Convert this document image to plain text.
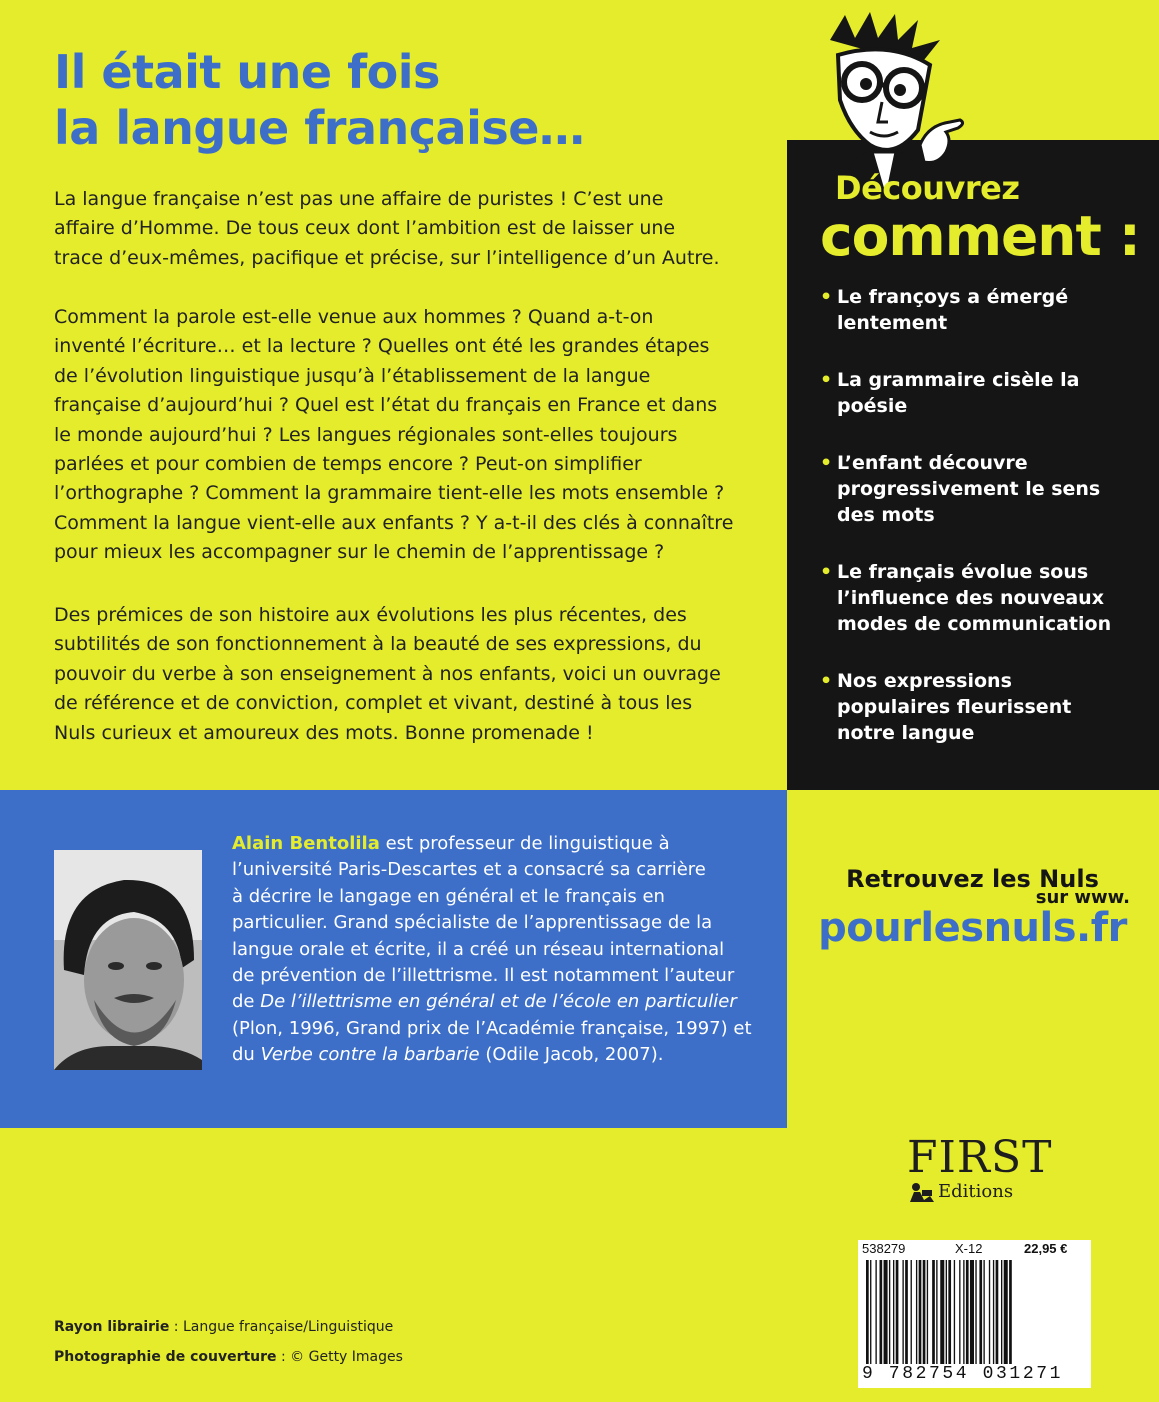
Il était une fois
la langue française…
La langue française n’est pas une affaire de puristes ! C’est une
affaire d’Homme. De tous ceux dont l’ambition est de laisser une
trace d’eux-mêmes, pacifique et précise, sur l’intelligence d’un Autre.
Comment la parole est-elle venue aux hommes ? Quand a-t-on
inventé l’écriture… et la lecture ? Quelles ont été les grandes étapes
de l’évolution linguistique jusqu’à l’établissement de la langue
française d’aujourd’hui ? Quel est l’état du français en France et dans
le monde aujourd’hui ? Les langues régionales sont-elles toujours
parlées et pour combien de temps encore ? Peut-on simplifier
l’orthographe ? Comment la grammaire tient-elle les mots ensemble ?
Comment la langue vient-elle aux enfants ? Y a-t-il des clés à connaître
pour mieux les accompagner sur le chemin de l’apprentissage ?
Des prémices de son histoire aux évolutions les plus récentes, des
subtilités de son fonctionnement à la beauté de ses expressions, du
pouvoir du verbe à son enseignement à nos enfants, voici un ouvrage
de référence et de conviction, complet et vivant, destiné à tous les
Nuls curieux et amoureux des mots. Bonne promenade !
Découvrez
comment :
• Le françoys a émergé
lentement
• La grammaire cisèle la
poésie
• L’enfant découvre
progressivement le sens
des mots
• Le français évolue sous
l’influence des nouveaux
modes de communication
• Nos expressions
populaires fleurissent
notre langue
Alain Bentolila est professeur de linguistique à
l’université Paris-Descartes et a consacré sa carrière
à décrire le langage en général et le français en
particulier. Grand spécialiste de l’apprentissage de la
langue orale et écrite, il a créé un réseau international
de prévention de l’illettrisme. Il est notamment l’auteur
de De l’illettrisme en général et de l’école en particulier
(Plon, 1996, Grand prix de l’Académie française, 1997) et
du Verbe contre la barbarie (Odile Jacob, 2007).
Retrouvez les Nuls
sur www.
pourlesnuls.fr
FIRST
Editions
538279	X-12	22,95 €
9 782754 031271
Rayon librairie : Langue française/Linguistique
Photographie de couverture : © Getty Images
